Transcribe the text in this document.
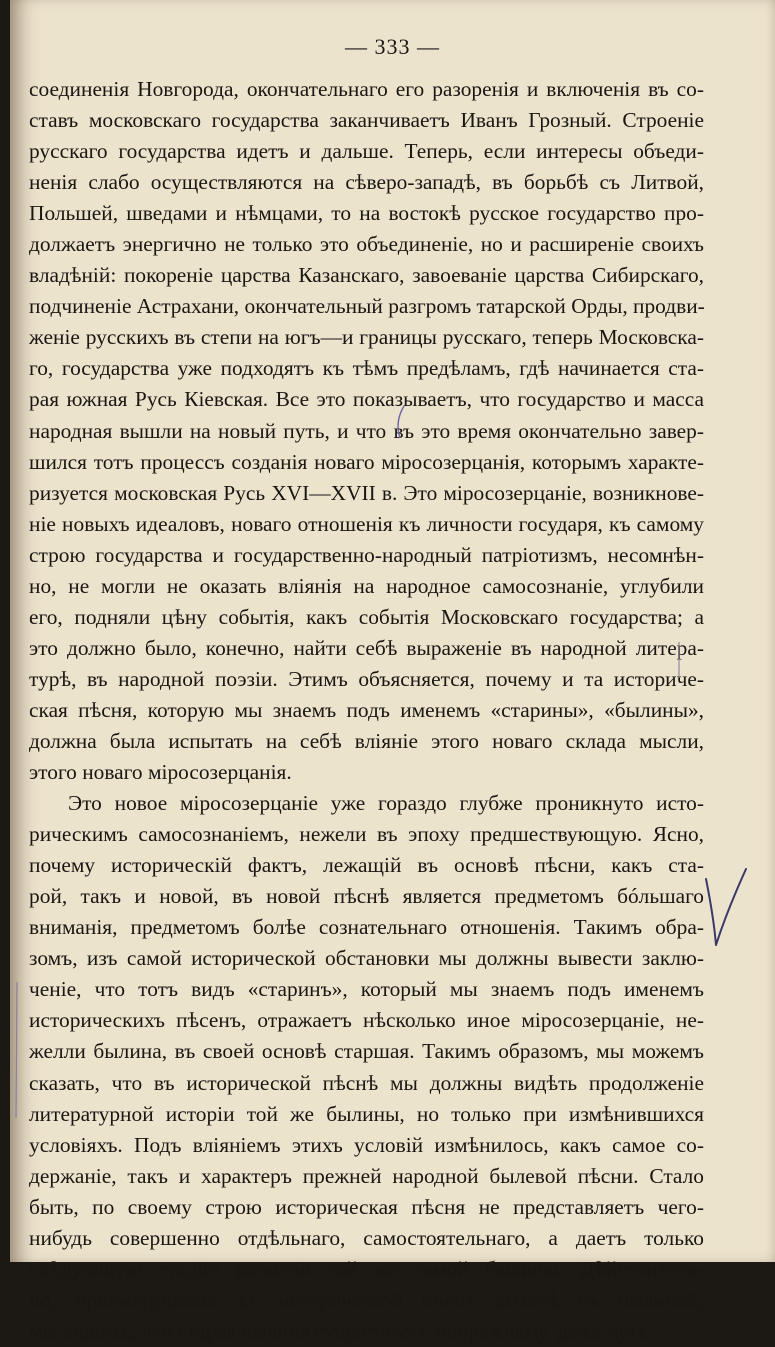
— 333 —

соединенія Новгорода, окончательнаго его разоренія и включенія въ со-
ставъ московскаго государства заканчиваетъ Иванъ Грозный. Строеніе
русскаго государства идетъ и дальше. Теперь, если интересы объеди-
ненія слабо осуществляются на сѣверо-западѣ, въ борьбѣ съ Литвой,
Польшей, шведами и нѣмцами, то на востокѣ русское государство про-
должаетъ энергично не только это объединеніе, но и расширеніе своихъ
владѣній: покореніе царства Казанскаго, завоеваніе царства Сибирскаго,
подчиненіе Астрахани, окончательный разгромъ татарской Орды, продви-
женіе русскихъ въ степи на югъ—и границы русскаго, теперь Московска-
го, государства уже подходятъ къ тѣмъ предѣламъ, гдѣ начинается ста-
рая южная Русь Кіевская. Все это показываетъ, что государство и масса
народная вышли на новый путь, и что въ это время окончательно завер-
шился тотъ процессъ созданія новаго міросозерцанія, которымъ характе-
ризуется московская Русь XVI—XVII в. Это міросозерцаніе, возникнове-
ніе новыхъ идеаловъ, новаго отношенія къ личности государя, къ самому
строю государства и государственно-народный патріотизмъ, несомнѣн-
но, не могли не оказать вліянія на народное самосознаніе, углубили
его, подняли цѣну событія, какъ событія Московскаго государства; а
это должно было, конечно, найти себѣ выраженіе въ народной литера-
турѣ, въ народной поэзіи. Этимъ объясняется, почему и та историче-
ская пѣсня, которую мы знаемъ подъ именемъ «старины», «былины»,
должна была испытать на себѣ вліяніе этого новаго склада мысли,
этого новаго міросозерцанія.

Это новое міросозерцаніе уже гораздо глубже проникнуто исто-
рическимъ самосознаніемъ, нежели въ эпоху предшествующую. Ясно,
почему историческій фактъ, лежащій въ основѣ пѣсни, какъ ста-
рой, такъ и новой, въ новой пѣснѣ является предметомъ бóльшаго
вниманія, предметомъ болѣе сознательнаго отношенія. Такимъ обра-
зомъ, изъ самой исторической обстановки мы должны вывести заклю-
ченіе, что тотъ видъ «старинъ», который мы знаемъ подъ именемъ
историческихъ пѣсенъ, отражаетъ нѣсколько иное міросозерцаніе, не-
желли былина, въ своей основѣ старшая. Такимъ образомъ, мы можемъ
сказать, что въ исторической пѣснѣ мы должны видѣть продолженіе
литературной исторіи той же былины, но только при измѣнившихся
условіяхъ. Подъ вліяніемъ этихъ условій измѣнилось, какъ самое со-
держаніе, такъ и характеръ прежней народной былевой пѣсни. Стало
быть, по своему строю историческая пѣсня не представляетъ чего-
нибудь совершенно отдѣльнаго, самостоятельнаго, а даетъ только
слѣдующую стадію развитія той же самой былины. Дѣйствитель-
но, присматриваясь къ исторической пѣснѣ вмѣстѣ съ былиной,
мы видимъ, что старая былина существуетъ попрежнему, даже чуть-
